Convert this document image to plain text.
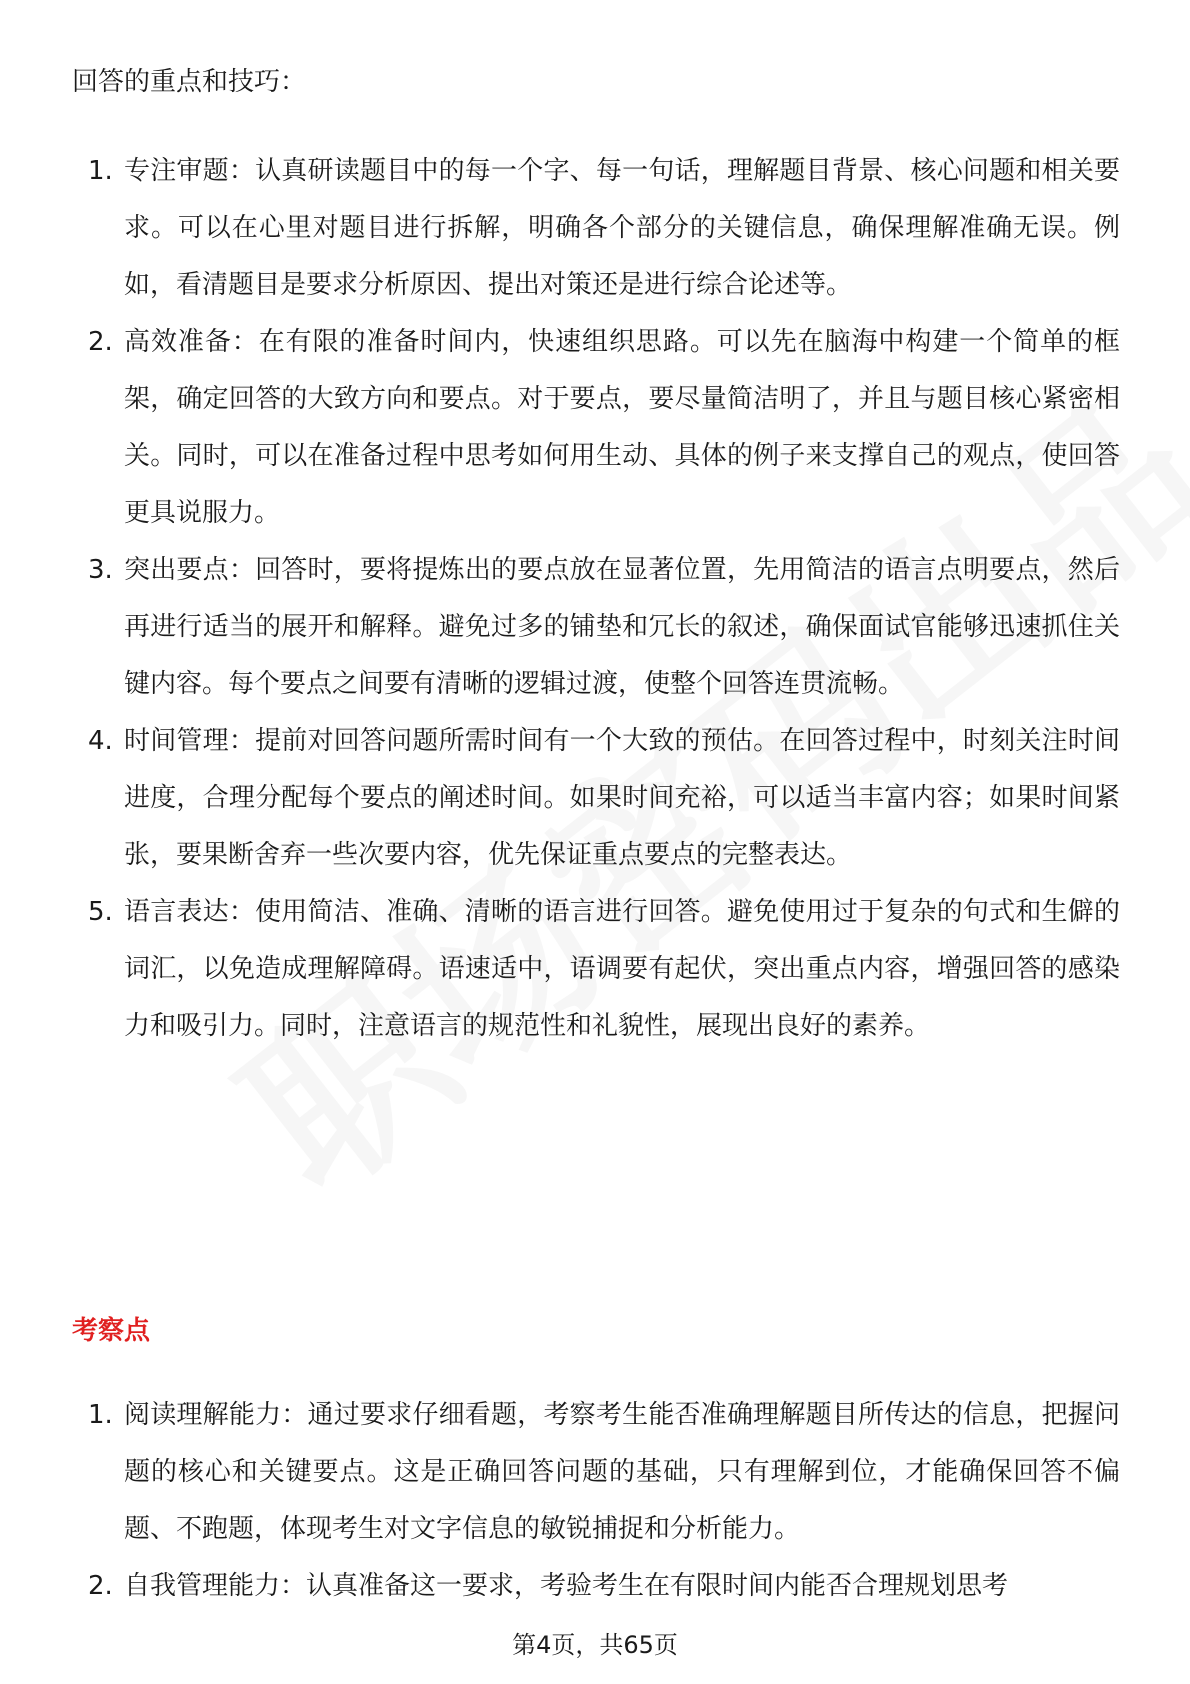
回答的重点和技巧：

1. 专注审题：认真研读题目中的每一个字、每一句话，理解题目背景、核心问题和相关要求。可以在心里对题目进行拆解，明确各个部分的关键信息，确保理解准确无误。例如，看清题目是要求分析原因、提出对策还是进行综合论述等。
2. 高效准备：在有限的准备时间内，快速组织思路。可以先在脑海中构建一个简单的框架，确定回答的大致方向和要点。对于要点，要尽量简洁明了，并且与题目核心紧密相关。同时，可以在准备过程中思考如何用生动、具体的例子来支撑自己的观点，使回答更具说服力。
3. 突出要点：回答时，要将提炼出的要点放在显著位置，先用简洁的语言点明要点，然后再进行适当的展开和解释。避免过多的铺垫和冗长的叙述，确保面试官能够迅速抓住关键内容。每个要点之间要有清晰的逻辑过渡，使整个回答连贯流畅。
4. 时间管理：提前对回答问题所需时间有一个大致的预估。在回答过程中，时刻关注时间进度，合理分配每个要点的阐述时间。如果时间充裕，可以适当丰富内容；如果时间紧张，要果断舍弃一些次要内容，优先保证重点要点的完整表达。
5. 语言表达：使用简洁、准确、清晰的语言进行回答。避免使用过于复杂的句式和生僻的词汇，以免造成理解障碍。语速适中，语调要有起伏，突出重点内容，增强回答的感染力和吸引力。同时，注意语言的规范性和礼貌性，展现出良好的素养。
考察点
1. 阅读理解能力：通过要求仔细看题，考察考生能否准确理解题目所传达的信息，把握问题的核心和关键要点。这是正确回答问题的基础，只有理解到位，才能确保回答不偏题、不跑题，体现考生对文字信息的敏锐捕捉和分析能力。
2. 自我管理能力：认真准备这一要求，考验考生在有限时间内能否合理规划思考
第4页，共65页
